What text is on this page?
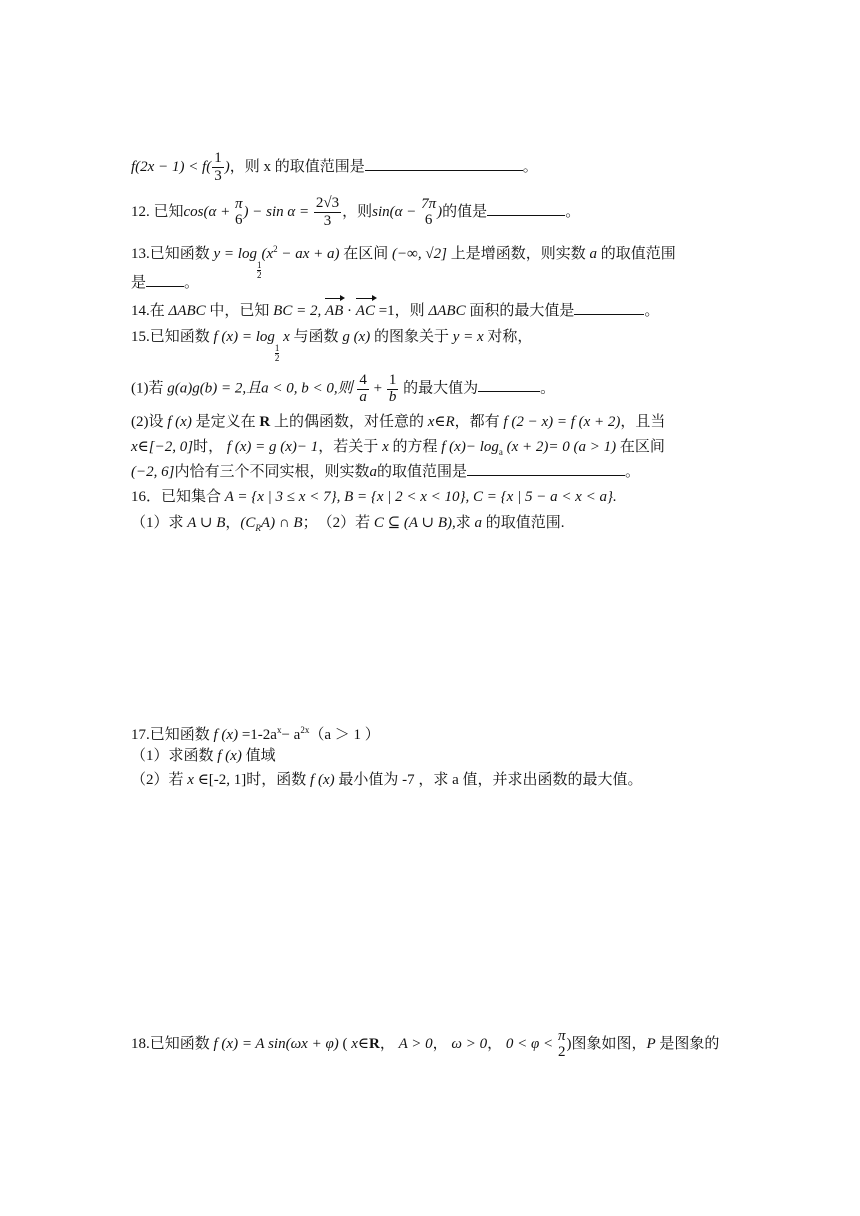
$f(2x - 1) < f( \frac{1}{3}$ )，则 x 的取值范围是	。
12. 已知cos(α + π
6
) − $\sin \alpha = \frac{2√3}{3}$ ，则sin(α − 7π
6
)的值是	。
13.已知函数 y = log
$\frac{1}{2}$
($x^2$ − ax + a) 在区间 (−∞, √2] 上是增函数，则实数 a 的取值范围
是	。
14.在 ΔABC 中，已知 BC = 2, AB · AC =1，则 ΔABC 面积的最大值是	。
15.已知函数 f (x) = log
$\frac{1}{2}$
x 与函数 g (x) 的图象关于 y = x 对称，
(1)若 g(a)g(b) = 2,且a < 0, b < 0,则 $\frac{4}{a} + \frac{1}{b}$ 的最大值为	。
(2)设 f (x) 是定义在 R 上的偶函数，对任意的 x∈R，都有 f (2 − x) = f (x + 2)，且当
x∈[−2, 0]时， f (x) = g (x)− 1，若关于 x 的方程 f $(x)- \log_a (x + 2)= 0$ (a > 1) 在区间
(−2, 6]内恰有三个不同实根，则实数a的取值范围是	。
16．已知集合 A = {x | 3 ≤ x < 7}, B = {x | 2 < x < 10}, C = {x | 5 − a < x < a}.
（1）求 A ∪ B，$(C_RA)$ ∩ B；　（2）若 C ⊆ (A ∪ B),求 a 的取值范围.
17.已知函数 f $(x) =1-2a^x- a^{2x}(a > 1$ ）
（1）求函数 f (x) 值域
（2）若 x ∈[-2, 1]时，函数 f (x) 最小值为 -7 ，求 a 值，并求出函数的最大值。
18.已知函数 f (x) = A sin(ωx + φ) ( x∈R， A > 0， ω > 0， 0 < φ < π
2
)图象如图，P 是图象的
